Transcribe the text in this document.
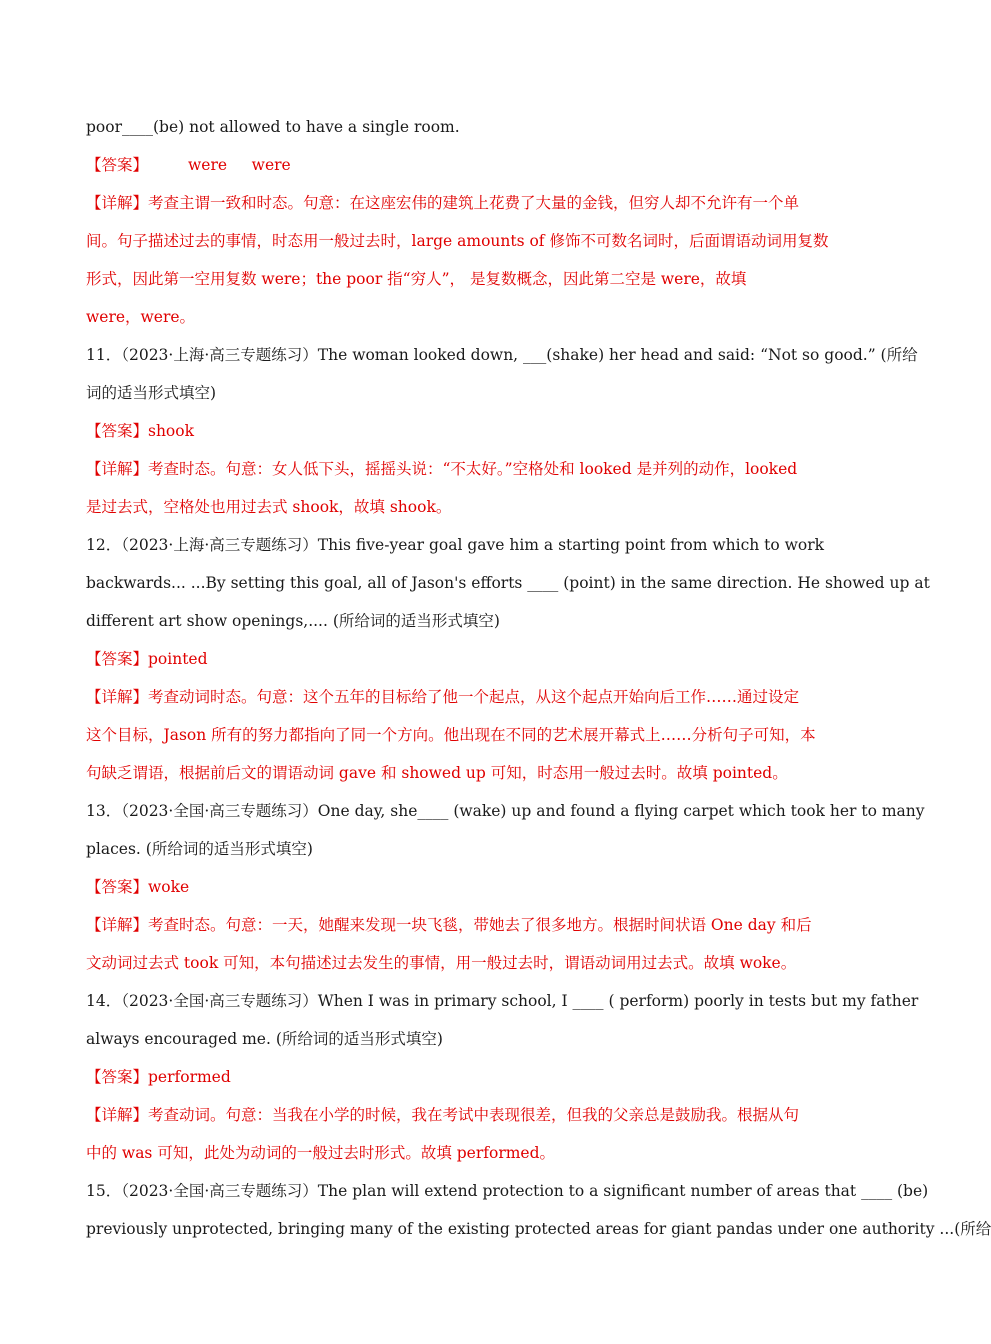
poor____(be) not allowed to have a single room.
【答案】	were     were
【详解】考查主谓一致和时态。句意：在这座宏伟的建筑上花费了大量的金钱，但穷人却不允许有一个单
间。句子描述过去的事情，时态用一般过去时，large amounts of 修饰不可数名词时，后面谓语动词用复数
形式，因此第一空用复数 were；the poor 指“穷人”， 是复数概念，因此第二空是 were，故填
were，were。
11．（2023·上海·高三专题练习）The woman looked down, ___(shake) her head and said: “Not so good.” (所给
词的适当形式填空)
【答案】shook
【详解】考查时态。句意：女人低下头，摇摇头说：“不太好。”空格处和 looked 是并列的动作，looked
是过去式，空格处也用过去式 shook，故填 shook。
12．（2023·上海·高三专题练习）This five-year goal gave him a starting point from which to work
backwards... ...By setting this goal, all of Jason's efforts ____ (point) in the same direction. He showed up at
different art show openings,.... (所给词的适当形式填空)
【答案】pointed
【详解】考查动词时态。句意：这个五年的目标给了他一个起点，从这个起点开始向后工作……通过设定
这个目标，Jason 所有的努力都指向了同一个方向。他出现在不同的艺术展开幕式上……分析句子可知，本
句缺乏谓语，根据前后文的谓语动词 gave 和 showed up 可知，时态用一般过去时。故填 pointed。
13．（2023·全国·高三专题练习）One day, she____ (wake) up and found a flying carpet which took her to many
places. (所给词的适当形式填空)
【答案】woke
【详解】考查时态。句意：一天，她醒来发现一块飞毯，带她去了很多地方。根据时间状语 One day 和后
文动词过去式 took 可知，本句描述过去发生的事情，用一般过去时，谓语动词用过去式。故填 woke。
14．（2023·全国·高三专题练习）When I was in primary school, I ____ ( perform) poorly in tests but my father
always encouraged me. (所给词的适当形式填空)
【答案】performed
【详解】考查动词。句意：当我在小学的时候，我在考试中表现很差，但我的父亲总是鼓励我。根据从句
中的 was 可知，此处为动词的一般过去时形式。故填 performed。
15．（2023·全国·高三专题练习）The plan will extend protection to a significant number of areas that ____ (be)
previously unprotected, bringing many of the existing protected areas for giant pandas under one authority ...(所给
